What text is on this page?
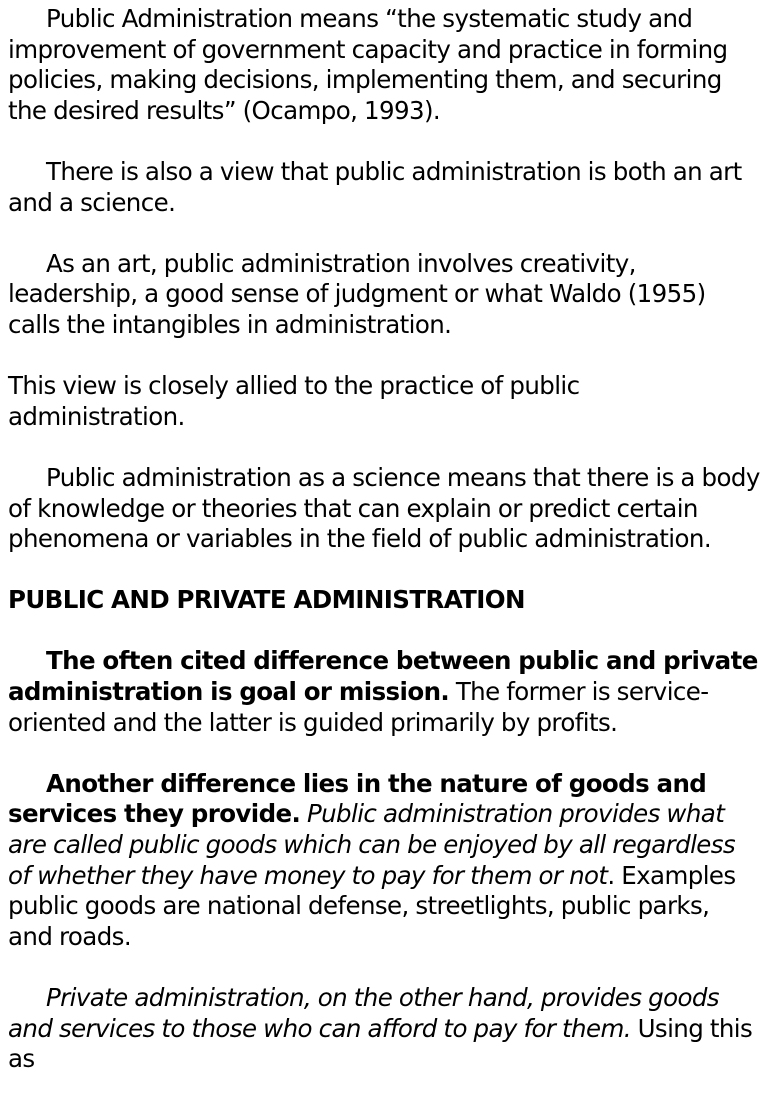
Public Administration means “the systematic study and improvement of government capacity and practice in forming policies, making decisions, implementing them, and securing the desired results” (Ocampo, 1993).

There is also a view that public administration is both an art and a science.

As an art, public administration involves creativity, leadership, a good sense of judgment or what Waldo (1955) calls the intangibles in administration.

This view is closely allied to the practice of public administration.

Public administration as a science means that there is a body of knowledge or theories that can explain or predict certain phenomena or variables in the field of public administration.

PUBLIC AND PRIVATE ADMINISTRATION

The often cited difference between public and private administration is goal or mission. The former is service-oriented and the latter is guided primarily by profits.

Another difference lies in the nature of goods and services they provide. Public administration provides what are called public goods which can be enjoyed by all regardless of whether they have money to pay for them or not. Examples public goods are national defense, streetlights, public parks, and roads.

Private administration, on the other hand, provides goods and services to those who can afford to pay for them. Using this as
